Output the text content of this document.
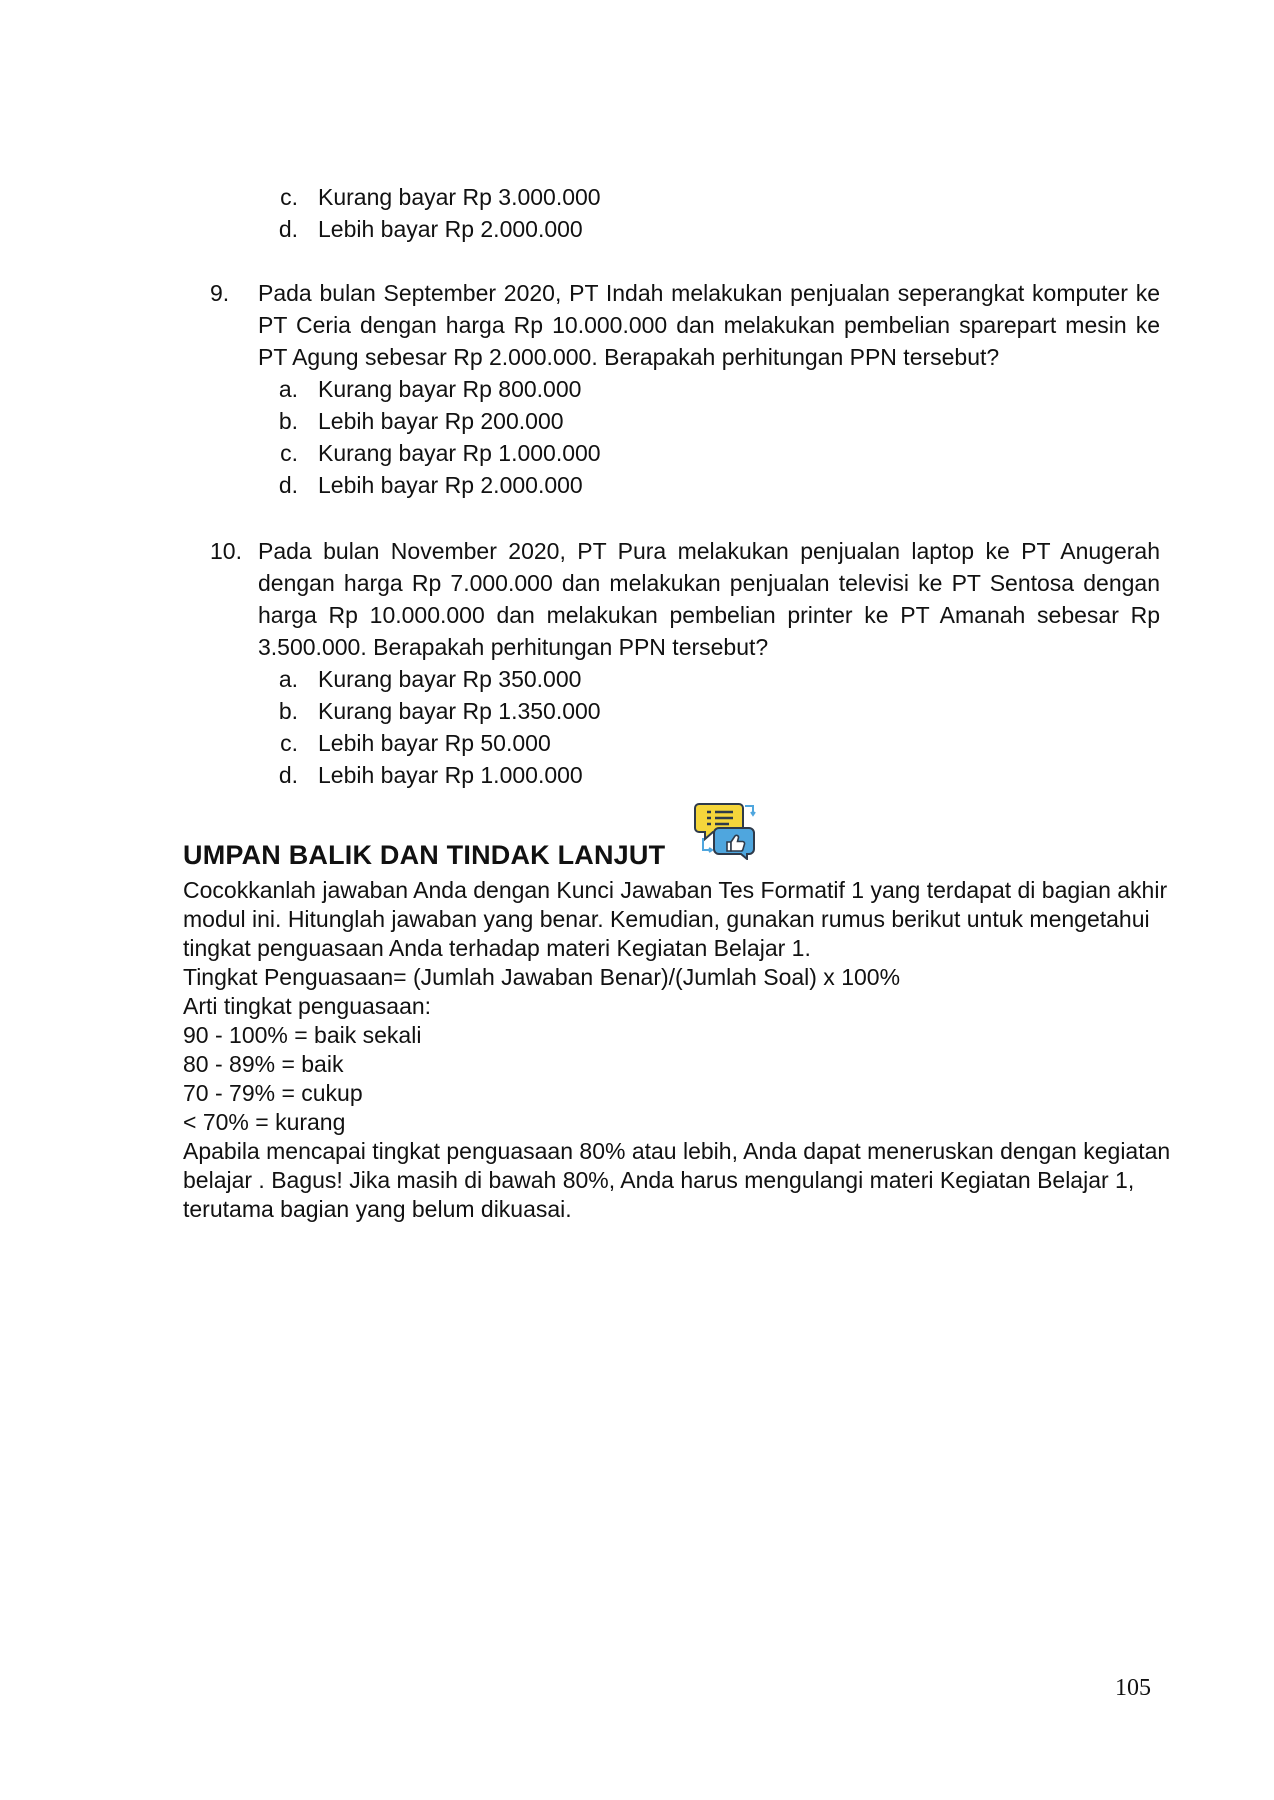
c. Kurang bayar Rp 3.000.000
d. Lebih bayar Rp 2.000.000
9.	Pada bulan September 2020, PT Indah melakukan penjualan seperangkat komputer ke PT Ceria dengan harga Rp 10.000.000 dan melakukan pembelian sparepart mesin ke PT Agung sebesar Rp 2.000.000. Berapakah perhitungan PPN tersebut?
a. Kurang bayar Rp 800.000
b. Lebih bayar Rp 200.000
c. Kurang bayar Rp 1.000.000
d. Lebih bayar Rp 2.000.000
10. Pada bulan November 2020, PT Pura melakukan penjualan laptop ke PT Anugerah dengan harga Rp 7.000.000 dan melakukan penjualan televisi ke PT Sentosa dengan harga Rp 10.000.000 dan melakukan pembelian printer ke PT Amanah sebesar Rp 3.500.000. Berapakah perhitungan PPN tersebut?
a. Kurang bayar Rp 350.000
b. Kurang bayar Rp 1.350.000
c. Lebih bayar Rp 50.000
d. Lebih bayar Rp 1.000.000
UMPAN BALIK DAN TINDAK LANJUT

Cocokkanlah jawaban Anda dengan Kunci Jawaban Tes Formatif 1 yang terdapat di bagian akhir modul ini. Hitunglah jawaban yang benar. Kemudian, gunakan rumus berikut untuk mengetahui tingkat penguasaan Anda terhadap materi Kegiatan Belajar 1.

Tingkat Penguasaan= (Jumlah Jawaban Benar)/(Jumlah Soal) x 100%

Arti tingkat penguasaan:

90 - 100% = baik sekali

80 - 89% = baik

70 - 79% = cukup

< 70% = kurang

Apabila mencapai tingkat penguasaan 80% atau lebih, Anda dapat meneruskan dengan kegiatan belajar . Bagus! Jika masih di bawah 80%, Anda harus mengulangi materi Kegiatan Belajar 1, terutama bagian yang belum dikuasai.

105
